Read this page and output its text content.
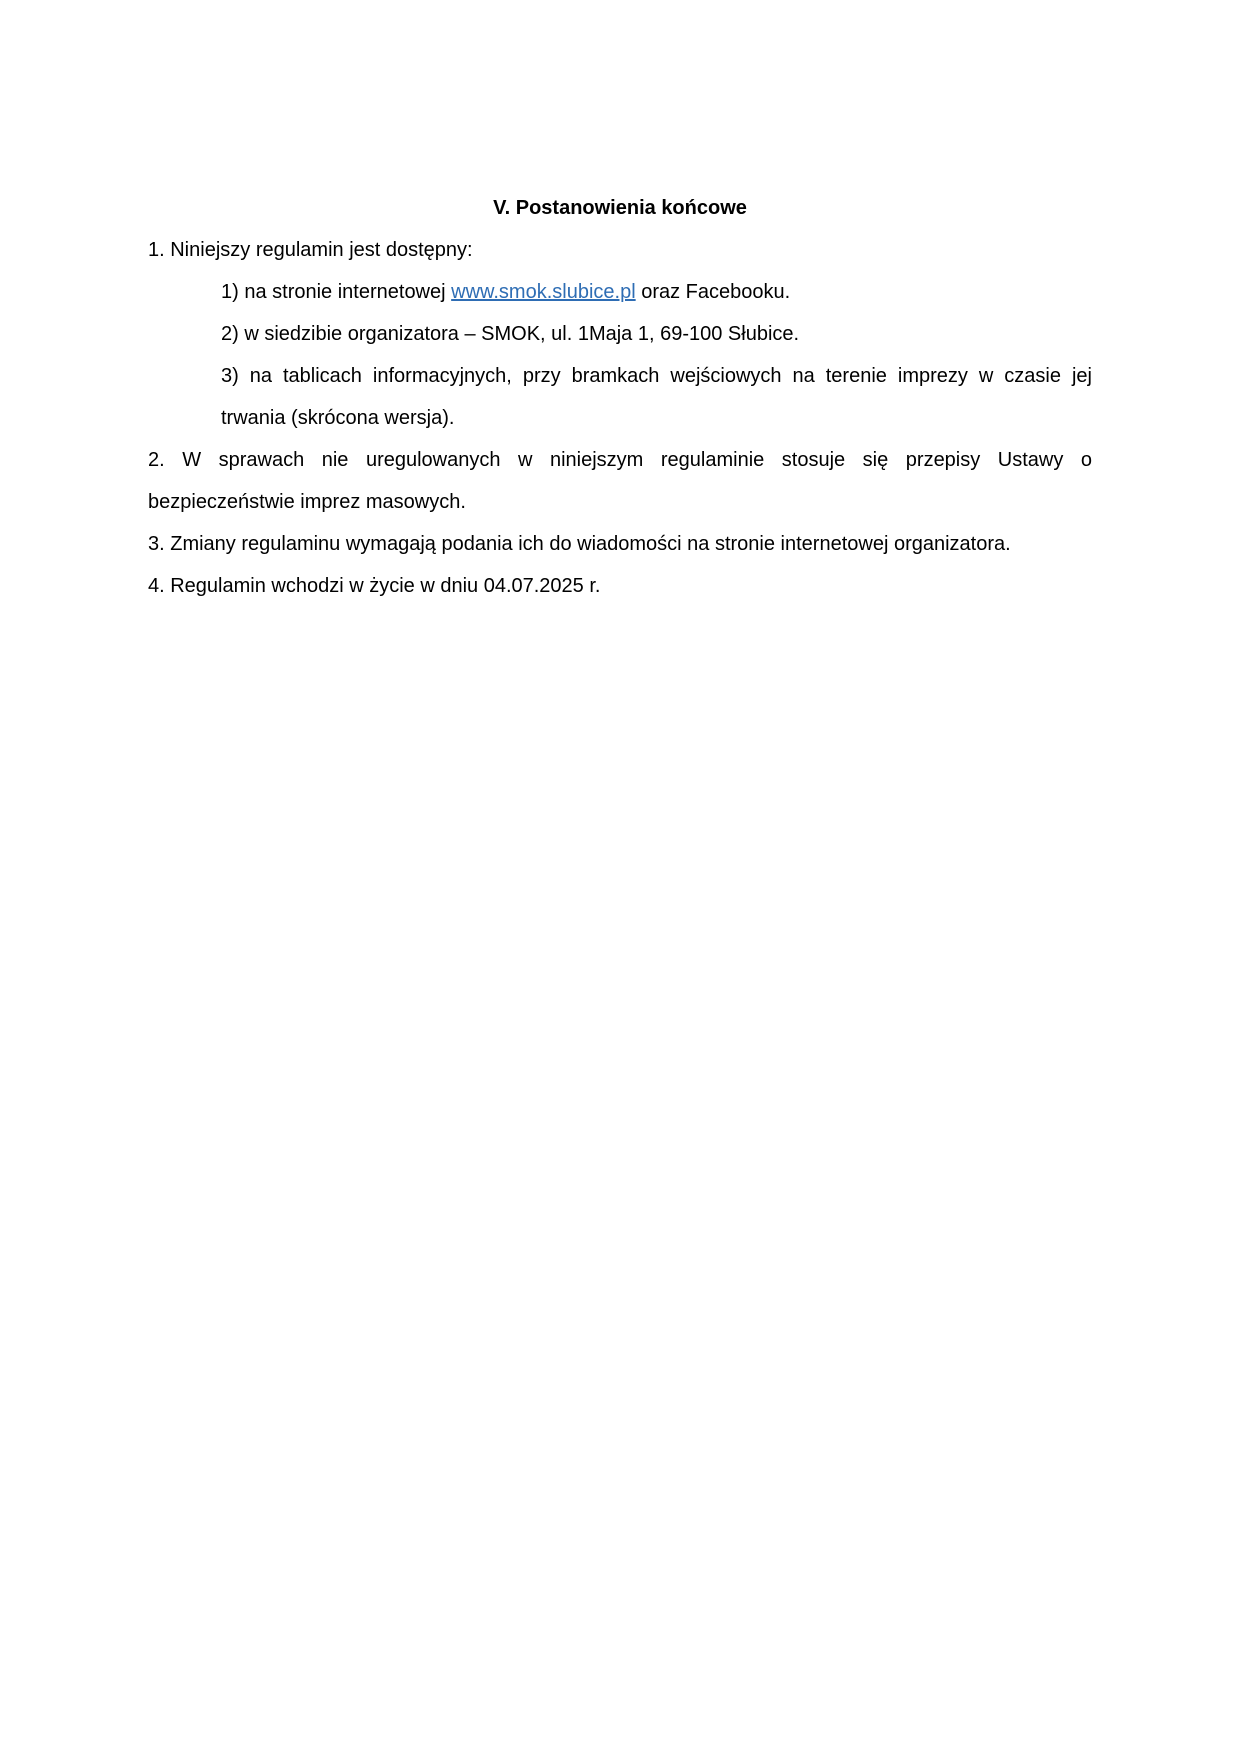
V. Postanowienia końcowe
1. Niniejszy regulamin jest dostępny:
1) na stronie internetowej www.smok.slubice.pl oraz Facebooku.
2) w siedzibie organizatora – SMOK, ul. 1Maja 1, 69-100 Słubice.
3) na tablicach informacyjnych, przy bramkach wejściowych na terenie imprezy w czasie jej trwania (skrócona wersja).
2. W sprawach nie uregulowanych w niniejszym regulaminie stosuje się przepisy Ustawy o bezpieczeństwie imprez masowych.
3. Zmiany regulaminu wymagają podania ich do wiadomości na stronie internetowej organizatora.
4. Regulamin wchodzi w życie w dniu 04.07.2025 r.
